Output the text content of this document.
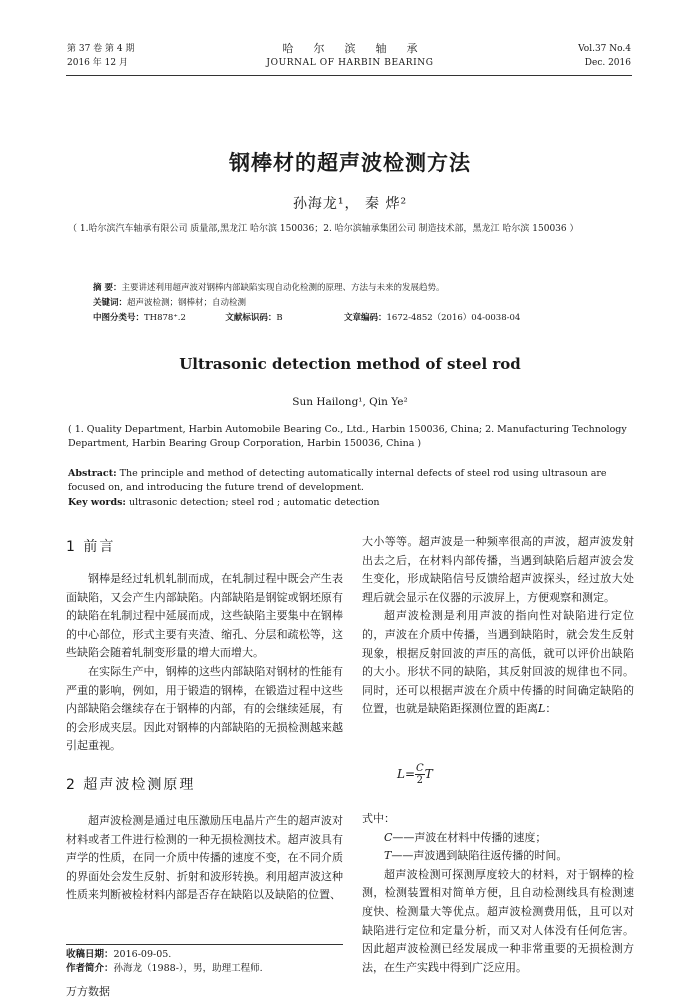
第 37 卷 第 4 期
2016 年 12 月
哈尔滨轴承
JOURNAL OF HARBIN BEARING
Vol.37 No.4
Dec. 2016
钢棒材的超声波检测方法
孙海龙¹， 秦 烨²
（ 1.哈尔滨汽车轴承有限公司 质量部,黑龙江 哈尔滨 150036；2. 哈尔滨轴承集团公司 制造技术部，黑龙江 哈尔滨 150036 ）
摘 要：主要讲述利用超声波对钢棒内部缺陷实现自动化检测的原理、方法与未来的发展趋势。
关键词：超声波检测；钢棒材；自动检测
中图分类号：TH878⁺.2	文献标识码：B	文章编码：1672-4852（2016）04-0038-04
Ultrasonic detection method of steel rod
Sun Hailong¹, Qin Ye²
( 1. Quality Department, Harbin Automobile Bearing Co., Ltd., Harbin 150036, China; 2. Manufacturing Technology Department, Harbin Bearing Group Corporation, Harbin 150036, China )
Abstract: The principle and method of detecting automatically internal defects of steel rod using ultrasoun are focused on, and introducing the future trend of development.
Key words: ultrasonic detection; steel rod ; automatic detection
1 前言

钢棒是经过轧机轧制而成，在轧制过程中既会产生表面缺陷，又会产生内部缺陷。内部缺陷是钢锭或钢坯原有的缺陷在轧制过程中延展而成，这些缺陷主要集中在钢棒的中心部位，形式主要有夹渣、缩孔、分层和疏松等，这些缺陷会随着轧制变形量的增大而增大。

在实际生产中，钢棒的这些内部缺陷对钢材的性能有严重的影响，例如，用于锻造的钢棒，在锻造过程中这些内部缺陷会继续存在于钢棒的内部，有的会继续延展，有的会形成夹层。因此对钢棒的内部缺陷的无损检测越来越引起重视。

2 超声波检测原理

超声波检测是通过电压激励压电晶片产生的超声波对材料或者工件进行检测的一种无损检测技术。超声波具有声学的性质，在同一介质中传播的速度不变，在不同介质的界面处会发生反射、折射和波形转换。利用超声波这种性质来判断被检材料内部是否存在缺陷以及缺陷的位置、

大小等等。超声波是一种频率很高的声波，超声波发射出去之后，在材料内部传播，当遇到缺陷后超声波会发生变化，形成缺陷信号反馈给超声波探头，经过放大处理后就会显示在仪器的示波屏上，方便观察和测定。

超声波检测是利用声波的指向性对缺陷进行定位的，声波在介质中传播，当遇到缺陷时，就会发生反射现象，根据反射回波的声压的高低，就可以评价出缺陷的大小。形状不同的缺陷，其反射回波的规律也不同。同时，还可以根据声波在介质中传播的时间确定缺陷的位置，也就是缺陷距探测位置的距离L：

$L= \frac{C}{2}T$
式中：
C——声波在材料中传播的速度；
T——声波遇到缺陷往返传播的时间。

超声波检测可探测厚度较大的材料，对于钢棒的检测，检测装置相对简单方便，且自动检测线具有检测速度快、检测量大等优点。超声波检测费用低，且可以对缺陷进行定位和定量分析，而又对人体没有任何危害。因此超声波检测已经发展成一种非常重要的无损检测方法，在生产实践中得到广泛应用。

收稿日期：2016-09-05.
作者简介：孙海龙（1988-），男，助理工程师.
万方数据
